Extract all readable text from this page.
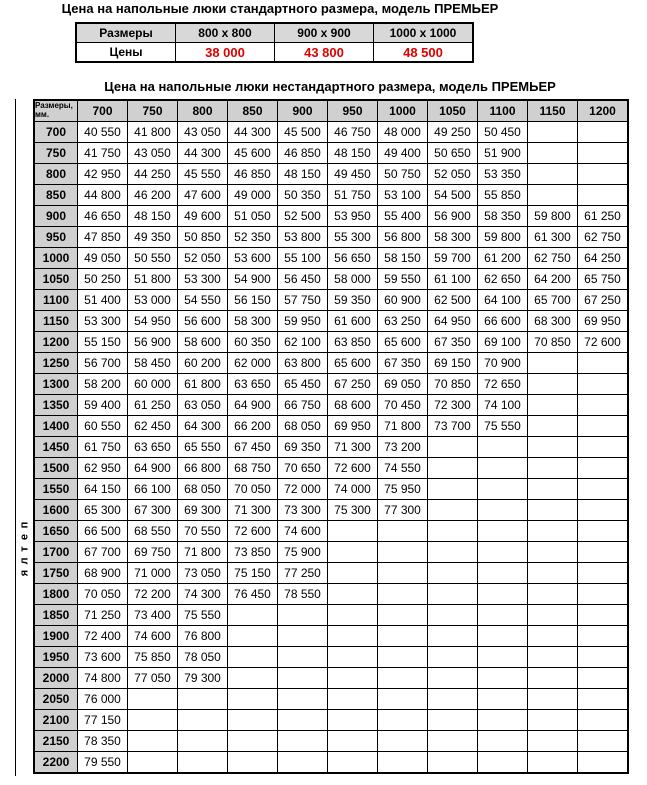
Цена на напольные люки стандартного размера, модель ПРЕМЬЕР
Размеры	800 х 800	900 х 900	1000 х 1000
Цены	38 000	43 800	48 500
Цена на напольные люки нестандартного размера, модель ПРЕМЬЕР
п
е
т
л
я
Размеры, мм.	700	750	800	850	900	950	1000	1050	1100	1150	1200
700	40 550	41 800	43 050	44 300	45 500	46 750	48 000	49 250	50 450		
750	41 750	43 050	44 300	45 600	46 850	48 150	49 400	50 650	51 900		
800	42 950	44 250	45 550	46 850	48 150	49 450	50 750	52 050	53 350		
850	44 800	46 200	47 600	49 000	50 350	51 750	53 100	54 500	55 850		
900	46 650	48 150	49 600	51 050	52 500	53 950	55 400	56 900	58 350	59 800	61 250
950	47 850	49 350	50 850	52 350	53 800	55 300	56 800	58 300	59 800	61 300	62 750
1000	49 050	50 550	52 050	53 600	55 100	56 650	58 150	59 700	61 200	62 750	64 250
1050	50 250	51 800	53 300	54 900	56 450	58 000	59 550	61 100	62 650	64 200	65 750
1100	51 400	53 000	54 550	56 150	57 750	59 350	60 900	62 500	64 100	65 700	67 250
1150	53 300	54 950	56 600	58 300	59 950	61 600	63 250	64 950	66 600	68 300	69 950
1200	55 150	56 900	58 600	60 350	62 100	63 850	65 600	67 350	69 100	70 850	72 600
1250	56 700	58 450	60 200	62 000	63 800	65 600	67 350	69 150	70 900		
1300	58 200	60 000	61 800	63 650	65 450	67 250	69 050	70 850	72 650		
1350	59 400	61 250	63 050	64 900	66 750	68 600	70 450	72 300	74 100		
1400	60 550	62 450	64 300	66 200	68 050	69 950	71 800	73 700	75 550		
1450	61 750	63 650	65 550	67 450	69 350	71 300	73 200				
1500	62 950	64 900	66 800	68 750	70 650	72 600	74 550				
1550	64 150	66 100	68 050	70 050	72 000	74 000	75 950				
1600	65 300	67 300	69 300	71 300	73 300	75 300	77 300				
1650	66 500	68 550	70 550	72 600	74 600						
1700	67 700	69 750	71 800	73 850	75 900						
1750	68 900	71 000	73 050	75 150	77 250						
1800	70 050	72 200	74 300	76 450	78 550						
1850	71 250	73 400	75 550								
1900	72 400	74 600	76 800								
1950	73 600	75 850	78 050								
2000	74 800	77 050	79 300								
2050	76 000										
2100	77 150										
2150	78 350										
2200	79 550										
